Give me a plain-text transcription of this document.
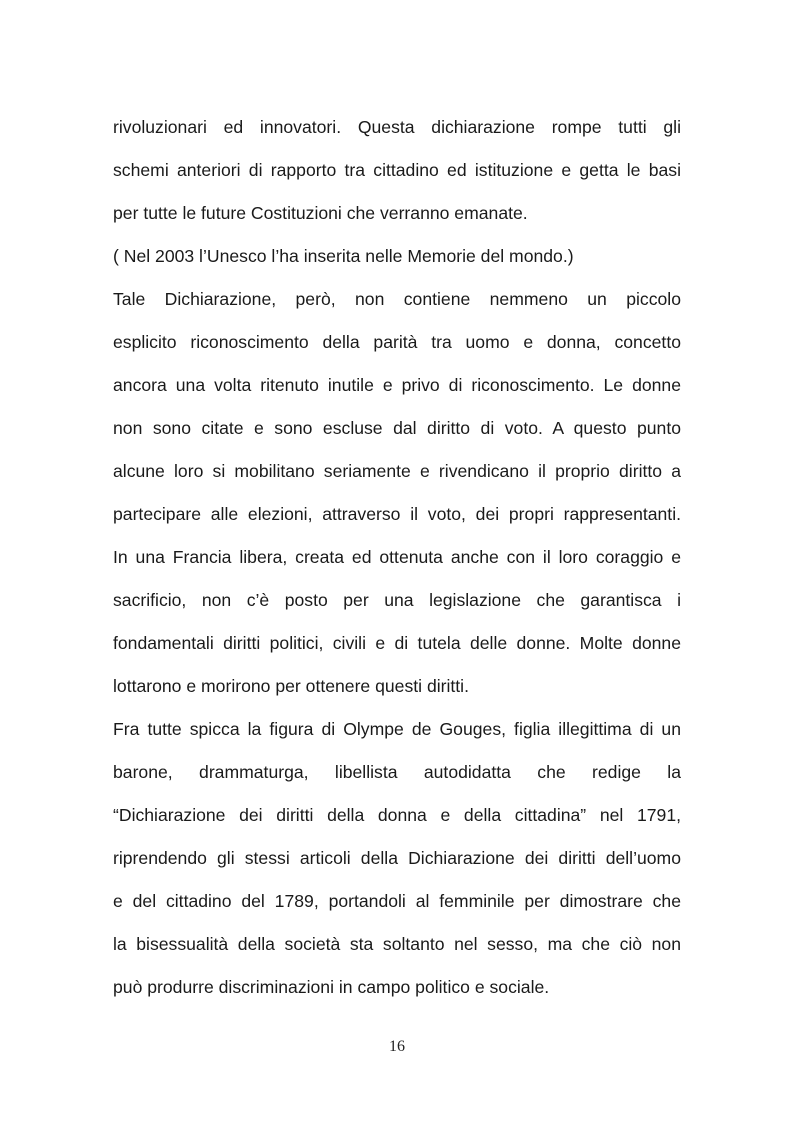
rivoluzionari ed innovatori. Questa dichiarazione rompe tutti gli
schemi anteriori di rapporto tra cittadino ed istituzione e getta le basi
per tutte le future Costituzioni che verranno emanate.
( Nel 2003 l’Unesco l’ha inserita nelle Memorie del mondo.)
Tale Dichiarazione, però, non contiene nemmeno un piccolo
esplicito riconoscimento della parità tra uomo e donna, concetto
ancora una volta ritenuto inutile e privo di riconoscimento. Le donne
non sono citate e sono escluse dal diritto di voto. A questo punto
alcune loro si mobilitano seriamente e rivendicano il proprio diritto a
partecipare alle elezioni, attraverso il voto, dei propri rappresentanti.
In una Francia libera, creata ed ottenuta anche con il loro coraggio e
sacrificio, non c’è posto per una legislazione che garantisca i
fondamentali diritti politici, civili e di tutela delle donne. Molte donne
lottarono e morirono per ottenere questi diritti.
Fra tutte spicca la figura di Olympe de Gouges, figlia illegittima di un
barone, drammaturga, libellista autodidatta che redige la
“Dichiarazione dei diritti della donna e della cittadina” nel 1791,
riprendendo gli stessi articoli della Dichiarazione dei diritti dell’uomo
e del cittadino del 1789, portandoli al femminile per dimostrare che
la bisessualità della società sta soltanto nel sesso, ma che ciò non
può produrre discriminazioni in campo politico e sociale.
16
